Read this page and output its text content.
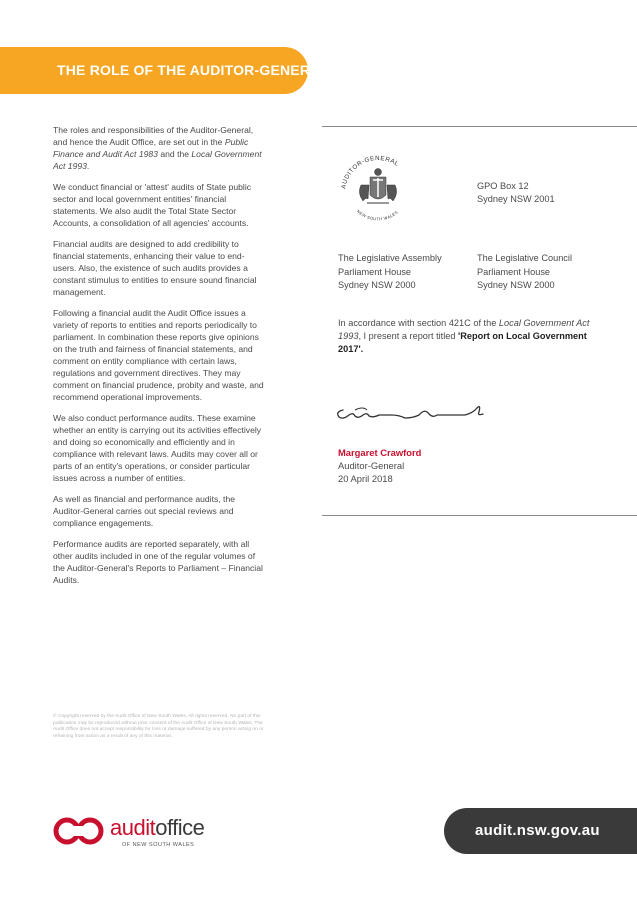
THE ROLE OF THE AUDITOR-GENERAL

The roles and responsibilities of the Auditor-General, and hence the Audit Office, are set out in the Public Finance and Audit Act 1983 and the Local Government Act 1993.

We conduct financial or 'attest' audits of State public sector and local government entities' financial statements. We also audit the Total State Sector Accounts, a consolidation of all agencies' accounts.

Financial audits are designed to add credibility to financial statements, enhancing their value to end-users. Also, the existence of such audits provides a constant stimulus to entities to ensure sound financial management.

Following a financial audit the Audit Office issues a variety of reports to entities and reports periodically to parliament. In combination these reports give opinions on the truth and fairness of financial statements, and comment on entity compliance with certain laws, regulations and government directives. They may comment on financial prudence, probity and waste, and recommend operational improvements.

We also conduct performance audits. These examine whether an entity is carrying out its activities effectively and doing so economically and efficiently and in compliance with relevant laws. Audits may cover all or parts of an entity's operations, or consider particular issues across a number of entities.

As well as financial and performance audits, the Auditor-General carries out special reviews and compliance engagements.

Performance audits are reported separately, with all other audits included in one of the regular volumes of the Auditor-General's Reports to Parliament – Financial Audits.

© Copyright reserved by the Audit Office of New South Wales. All rights reserved. No part of this publication may be reproduced without prior consent of the Audit Office of New South Wales. The Audit Office does not accept responsibility for loss or damage suffered by any person acting on or refraining from action as a result of any of this material.
AUDITOR-GENERAL
NEW SOUTH WALES
GPO Box 12
Sydney NSW 2001
The Legislative Assembly
Parliament House
Sydney NSW 2000
The Legislative Council
Parliament House
Sydney NSW 2000
In accordance with section 421C of the Local Government Act 1993, I present a report titled 'Report on Local Government 2017'.
Margaret Crawford
Auditor-General
20 April 2018
auditoffice
OF NEW SOUTH WALES
audit.nsw.gov.au
